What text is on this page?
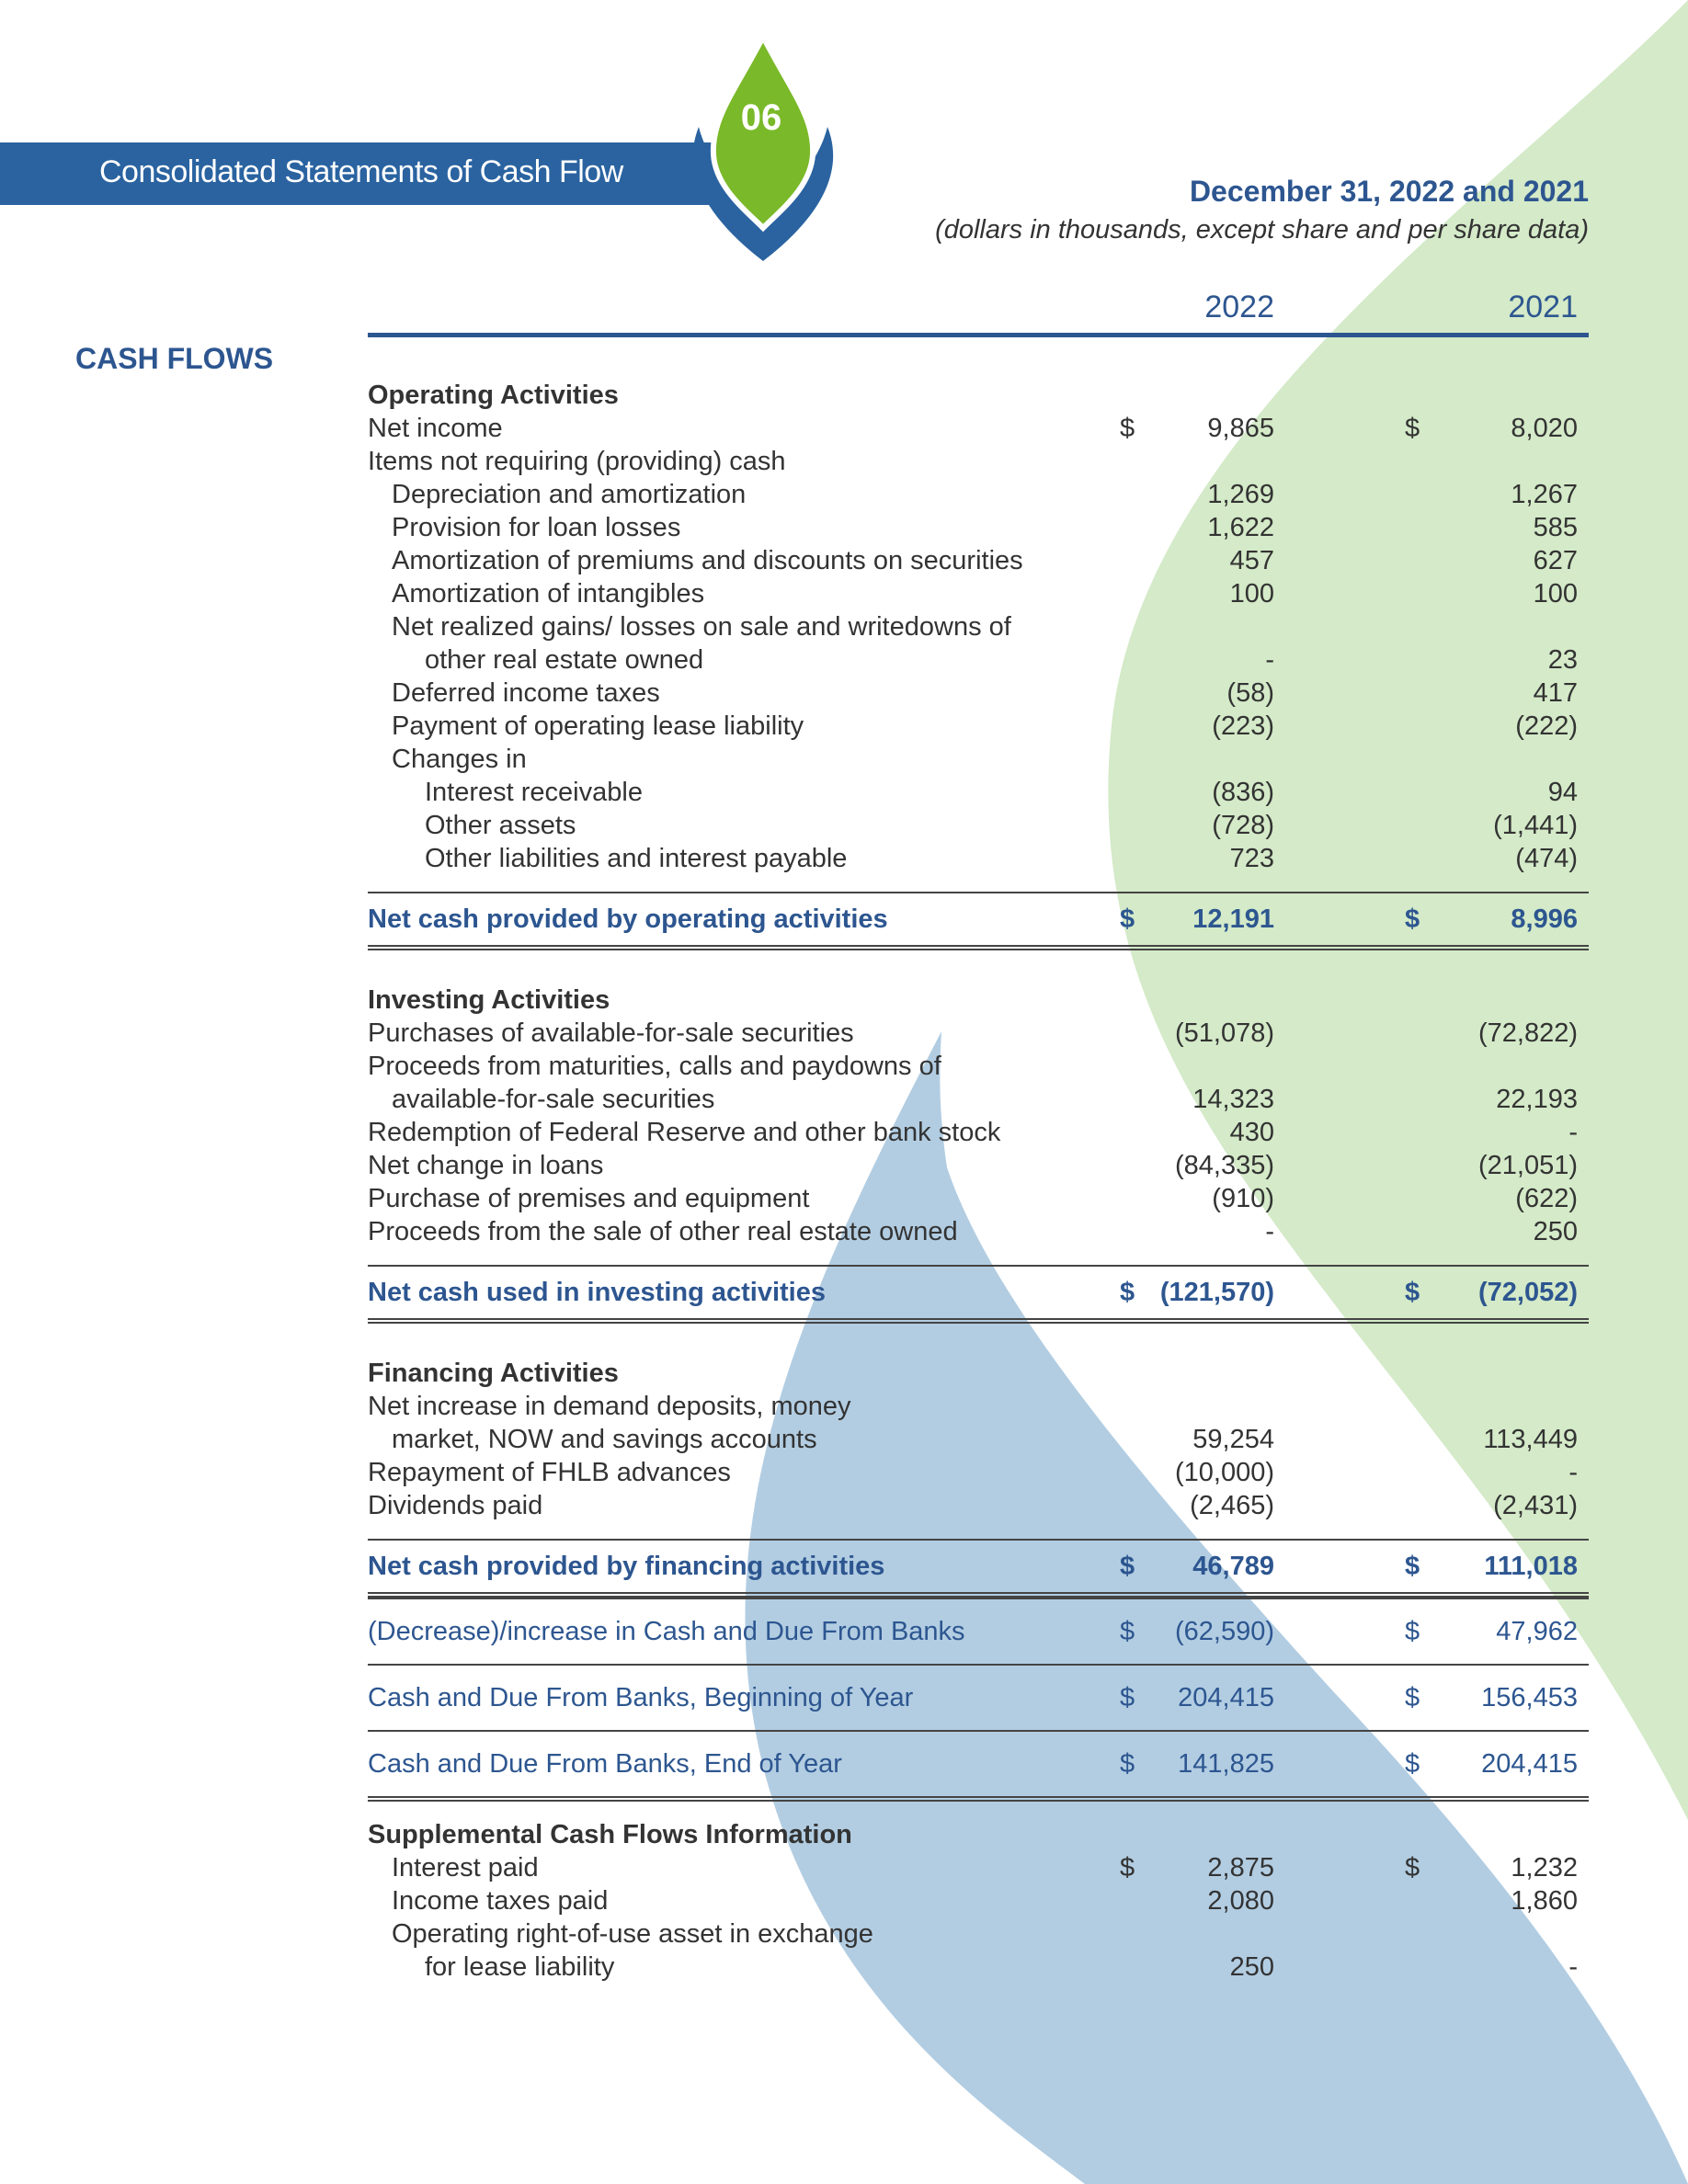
Consolidated Statements of Cash Flow
06
December 31, 2022 and 2021
(dollars in thousands, except share and per share data)
2022	2021
CASH FLOWS
Operating Activities
Net income	$	9,865	$	8,020
Items not requiring (providing) cash
Depreciation and amortization	1,269	1,267
Provision for loan losses	1,622	585
Amortization of premiums and discounts on securities	457	627
Amortization of intangibles	100	100
Net realized gains/ losses on sale and writedowns of
other real estate owned	-	23
Deferred income taxes	(58)	417
Payment of operating lease liability	(223)	(222)
Changes in
Interest receivable	(836)	94
Other assets	(728)	(1,441)
Other liabilities and interest payable	723	(474)
Net cash provided by operating activities	$ 12,191	$	8,996
Investing Activities
Purchases of available-for-sale securities	(51,078)	(72,822)
Proceeds from maturities, calls and paydowns of
available-for-sale securities	14,323	22,193
Redemption of Federal Reserve and other bank stock	430	-
Net change in loans	(84,335)	(21,051)
Purchase of premises and equipment	(910)	(622)
Proceeds from the sale of other real estate owned	-	250
Net cash used in investing activities	$ (121,570)	$ (72,052)
Financing Activities
Net increase in demand deposits, money
market, NOW and savings accounts	59,254	113,449
Repayment of FHLB advances	(10,000)	-
Dividends paid	(2,465)	(2,431)
Net cash provided by financing activities	$ 46,789	$ 111,018
(Decrease)/increase in Cash and Due From Banks	$ (62,590)	$	47,962
Cash and Due From Banks, Beginning of Year	$ 204,415	$ 156,453
Cash and Due From Banks, End of Year	$ 141,825	$ 204,415
Supplemental Cash Flows Information
Interest paid	$	2,875	$	1,232
Income taxes paid	2,080	1,860
Operating right-of-use asset in exchange
for lease liability	250	-
